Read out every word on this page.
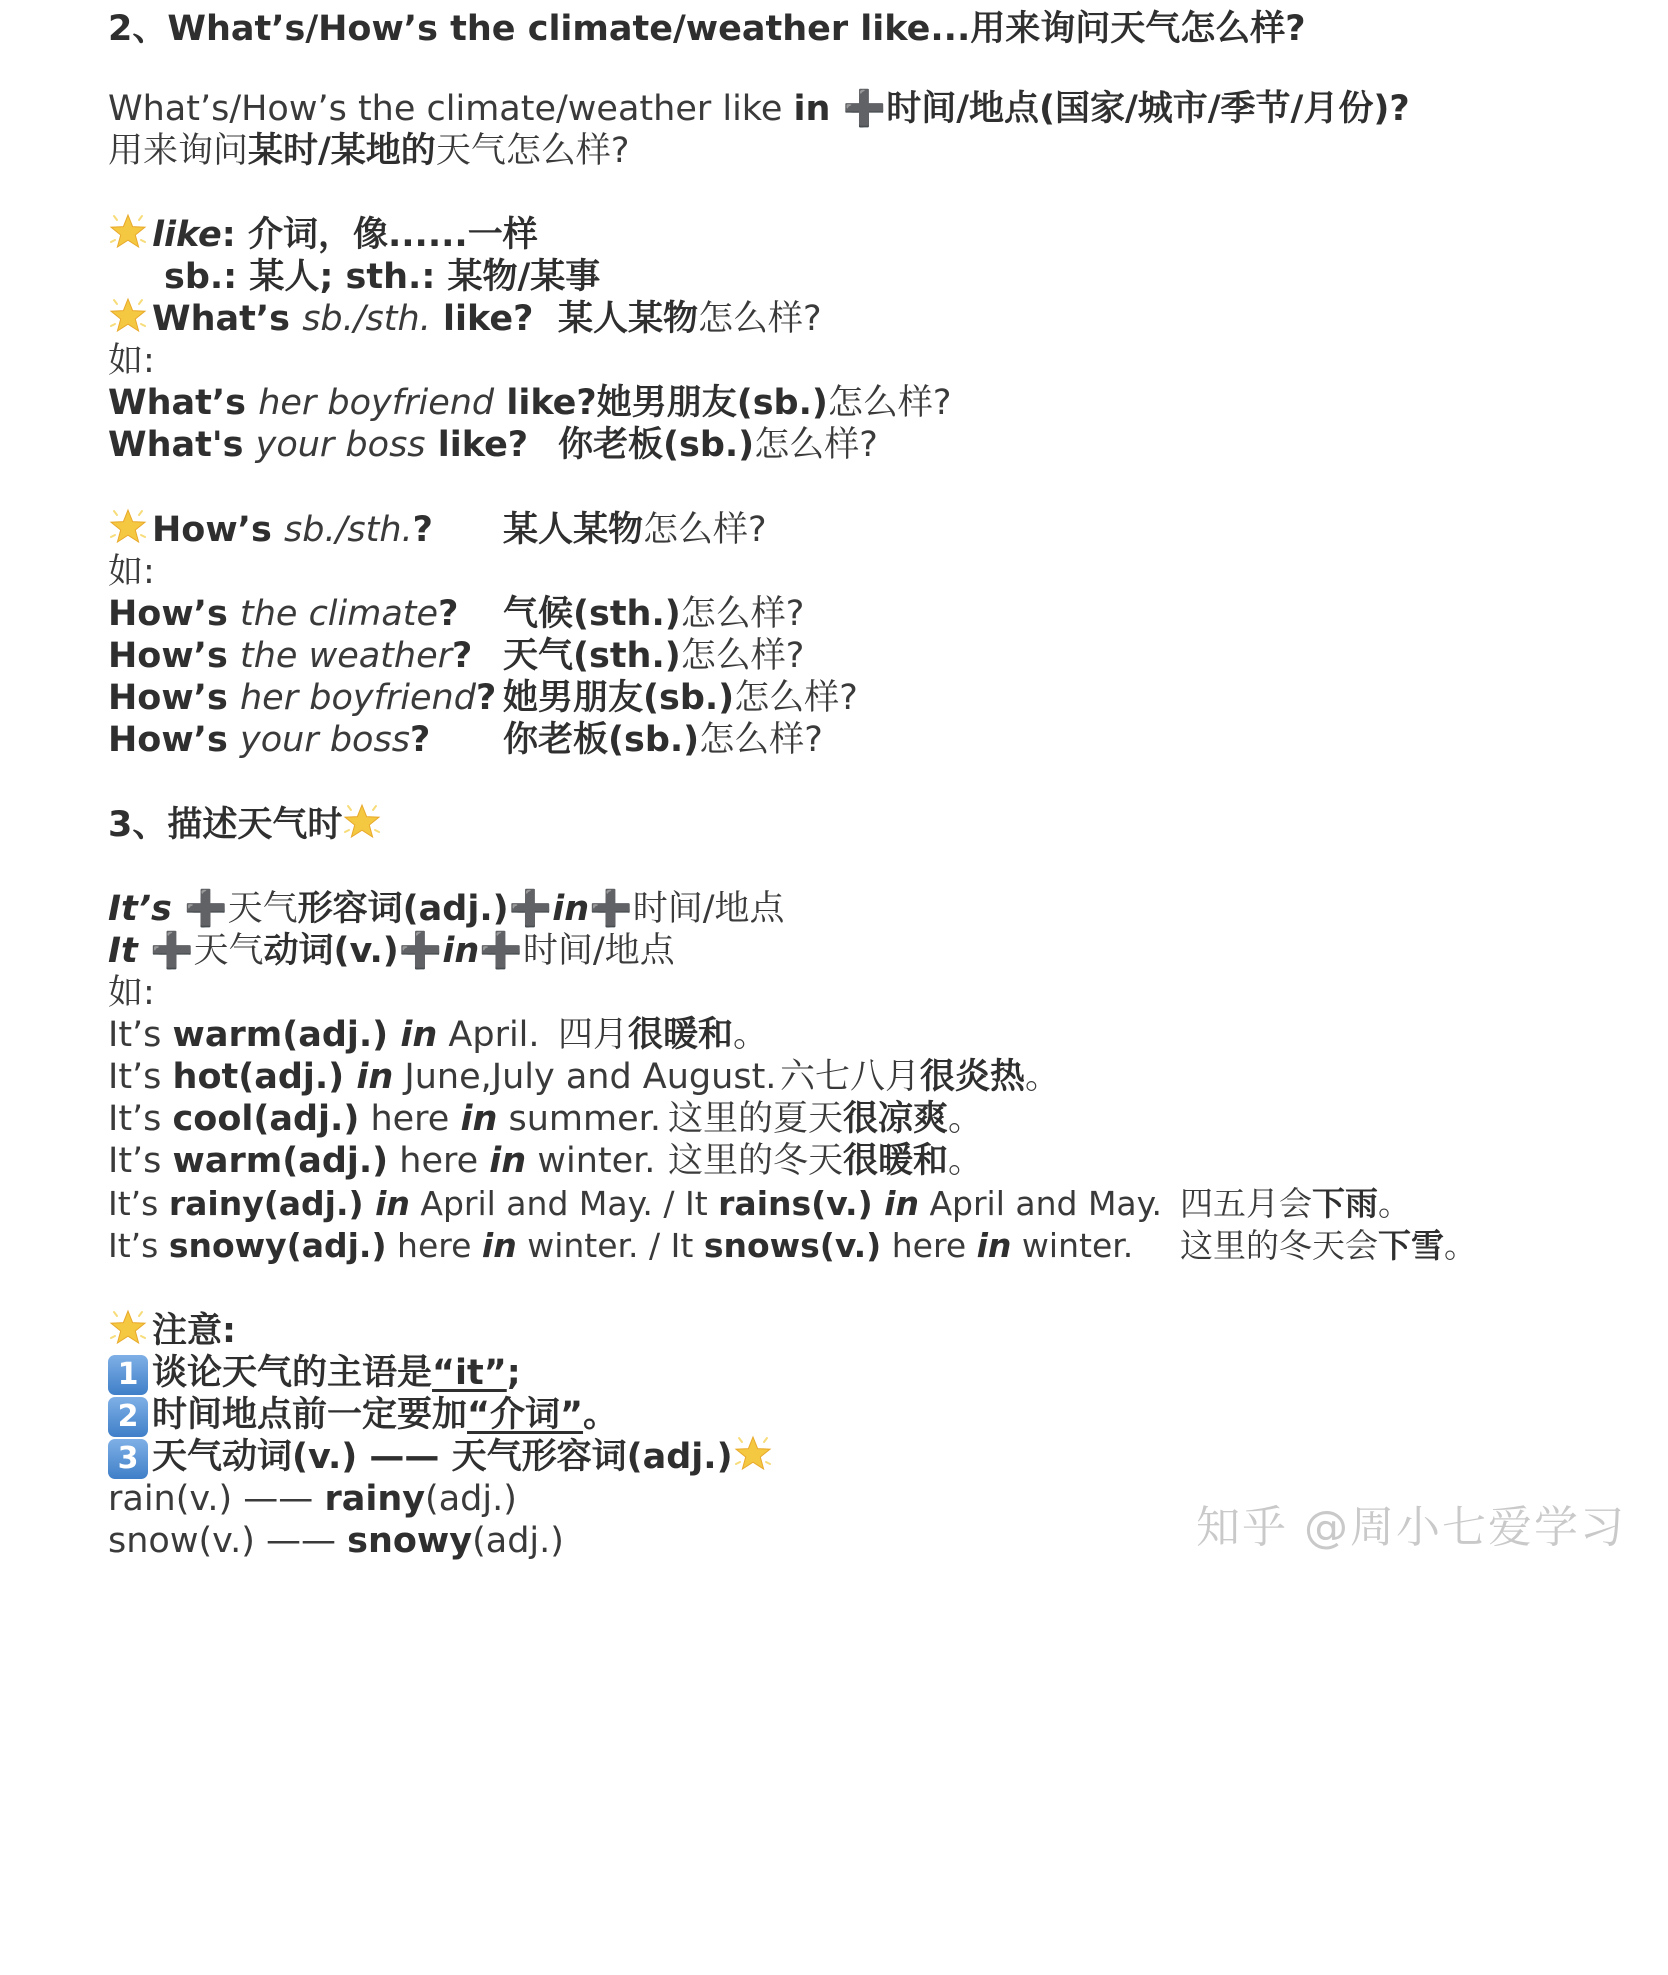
2、What’s/How’s the climate/weather like...用来询问天气怎么样?
What’s/How’s the climate/weather like in ➕时间/地点(国家/城市/季节/月份)?
用来询问某时/某地的天气怎么样?
like: 介词，像......一样
sb.: 某人; sth.: 某物/某事
What’s sb./sth. like? 某人某物怎么样?
如:
What’s her boyfriend like?她男朋友(sb.)怎么样?
What's your boss like? 你老板(sb.)怎么样?
How’s sb./sth.? 某人某物怎么样?
如:
How’s the climate? 气候(sth.)怎么样?
How’s the weather? 天气(sth.)怎么样?
How’s her boyfriend? 她男朋友(sb.)怎么样?
How’s your boss? 你老板(sb.)怎么样?
3、描述天气时
It’s ➕天气形容词(adj.)➕in➕时间/地点
It ➕天气动词(v.)➕in➕时间/地点
如:
It’s warm(adj.) in April. 四月很暖和。
It’s hot(adj.) in June,July and August. 六七八月很炎热。
It’s cool(adj.) here in summer. 这里的夏天很凉爽。
It’s warm(adj.) here in winter. 这里的冬天很暖和。
It’s rainy(adj.) in April and May. / It rains(v.) in April and May. 四五月会下雨。
It’s snowy(adj.) here in winter. / It snows(v.) here in winter. 这里的冬天会下雪。
注意:
1 谈论天气的主语是“it”;
2 时间地点前一定要加“介词”。
3 天气动词(v.) —— 天气形容词(adj.)
rain(v.) —— rainy(adj.)
snow(v.) —— snowy(adj.)	知乎 @周小七爱学习
